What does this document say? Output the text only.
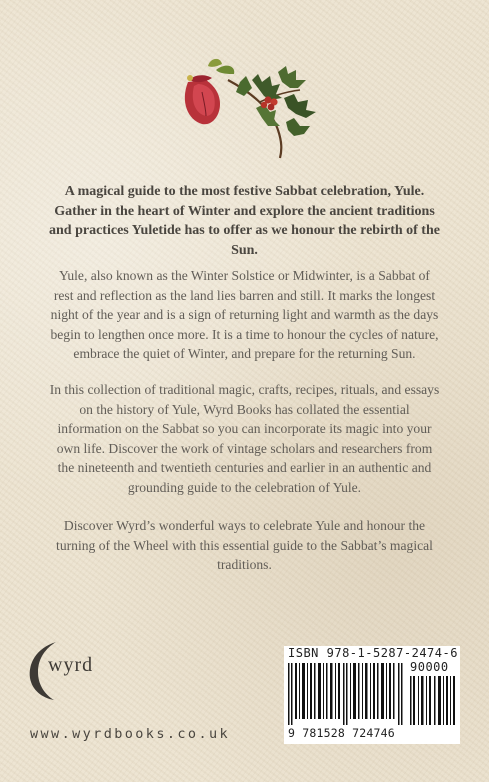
A magical guide to the most festive Sabbat celebration, Yule. Gather in the heart of Winter and explore the ancient traditions and practices Yuletide has to offer as we honour the rebirth of the Sun.
Yule, also known as the Winter Solstice or Midwinter, is a Sabbat of rest and reflection as the land lies barren and still. It marks the longest night of the year and is a sign of returning light and warmth as the days begin to lengthen once more. It is a time to honour the cycles of nature, embrace the quiet of Winter, and prepare for the returning Sun.
In this collection of traditional magic, crafts, recipes, rituals, and essays on the history of Yule, Wyrd Books has collated the essential information on the Sabbat so you can incorporate its magic into your own life. Discover the work of vintage scholars and researchers from the nineteenth and twentieth centuries and earlier in an authentic and grounding guide to the celebration of Yule.
Discover Wyrd’s wonderful ways to celebrate Yule and honour the turning of the Wheel with this essential guide to the Sabbat’s magical traditions.
wyrd
www.wyrdbooks.co.uk
ISBN 978-1-5287-2474-6
90000
9 781528 724746
